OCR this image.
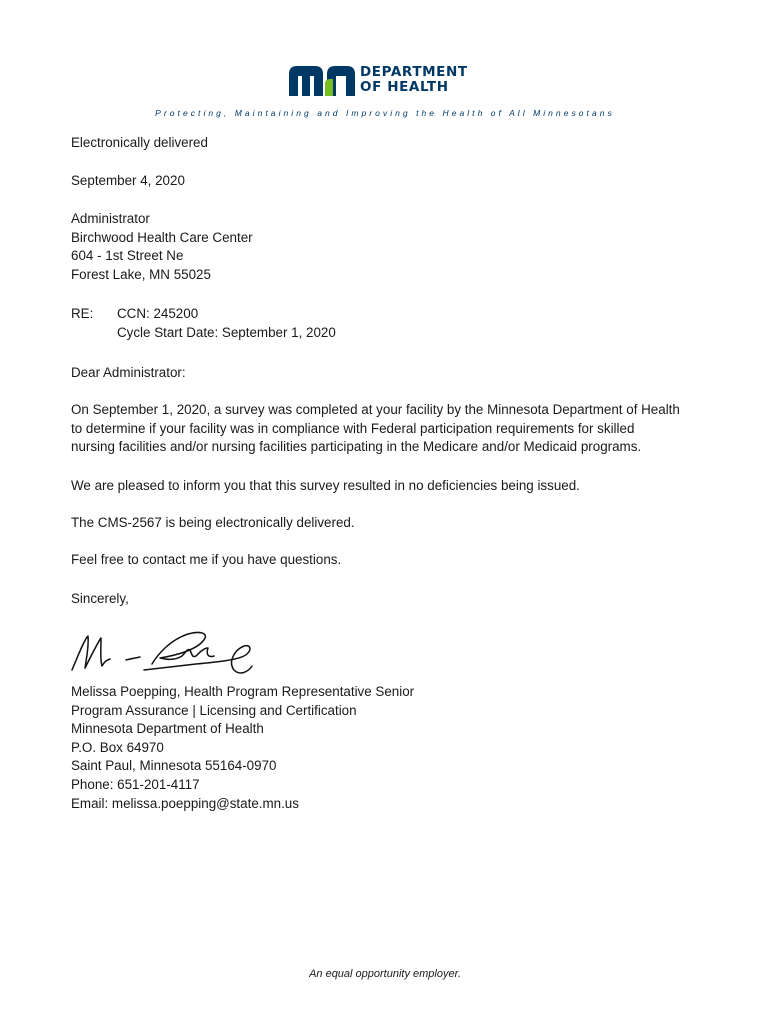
DEPARTMENT
OF HEALTH
Protecting, Maintaining and Improving the Health of All Minnesotans
Electronically delivered
September 4, 2020
Administrator
Birchwood Health Care Center
604 - 1st Street Ne
Forest Lake, MN 55025
RE: CCN: 245200
Cycle Start Date: September 1, 2020
Dear Administrator:
On September 1, 2020, a survey was completed at your facility by the Minnesota Department of Health
to determine if your facility was in compliance with Federal participation requirements for skilled
nursing facilities and/or nursing facilities participating in the Medicare and/or Medicaid programs.
We are pleased to inform you that this survey resulted in no deficiencies being issued.
The CMS-2567 is being electronically delivered.
Feel free to contact me if you have questions.
Sincerely,
Melissa Poepping, Health Program Representative Senior
Program Assurance | Licensing and Certification
Minnesota Department of Health
P.O. Box 64970
Saint Paul, Minnesota 55164-0970
Phone: 651-201-4117
Email: melissa.poepping@state.mn.us
An equal opportunity employer.
